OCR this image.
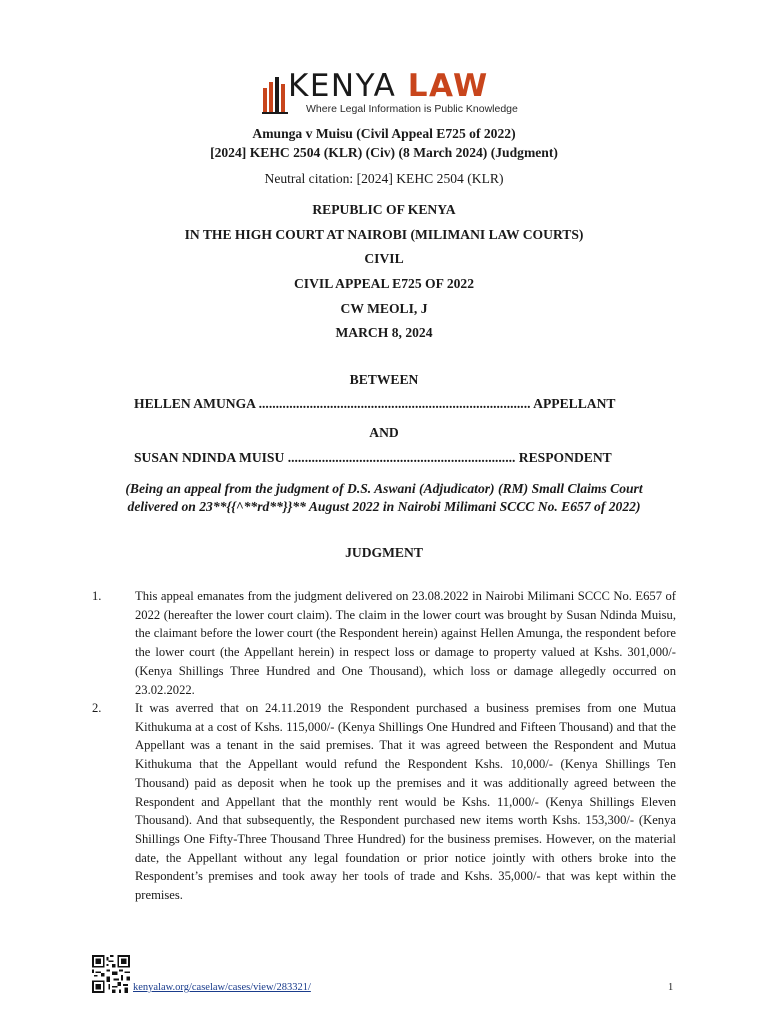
KENYA LAW
Where Legal Information is Public Knowledge
Amunga v Muisu (Civil Appeal E725 of 2022)
[2024] KEHC 2504 (KLR) (Civ) (8 March 2024) (Judgment)
Neutral citation: [2024] KEHC 2504 (KLR)
REPUBLIC OF KENYA
IN THE HIGH COURT AT NAIROBI (MILIMANI LAW COURTS)
CIVIL
CIVIL APPEAL E725 OF 2022
CW MEOLI, J
MARCH 8, 2024
BETWEEN
HELLEN AMUNGA ................................................................................ APPELLANT
AND
SUSAN NDINDA MUISU ................................................................... RESPONDENT
(Being an appeal from the judgment of D.S. Aswani (Adjudicator) (RM) Small Claims Court
delivered on 23**{{^**rd**}}** August 2022 in Nairobi Milimani SCCC No. E657 of 2022)
JUDGMENT
1.	This appeal emanates from the judgment delivered on 23.08.2022 in Nairobi Milimani SCCC No. E657 of 2022 (hereafter the lower court claim). The claim in the lower court was brought by Susan Ndinda Muisu, the claimant before the lower court (the Respondent herein) against Hellen Amunga, the respondent before the lower court (the Appellant herein) in respect loss or damage to property valued at Kshs. 301,000/- (Kenya Shillings Three Hundred and One Thousand), which loss or damage allegedly occurred on 23.02.2022.
2.	It was averred that on 24.11.2019 the Respondent purchased a business premises from one Mutua Kithukuma at a cost of Kshs. 115,000/- (Kenya Shillings One Hundred and Fifteen Thousand) and that the Appellant was a tenant in the said premises. That it was agreed between the Respondent and Mutua Kithukuma that the Appellant would refund the Respondent Kshs. 10,000/- (Kenya Shillings Ten Thousand) paid as deposit when he took up the premises and it was additionally agreed between the Respondent and Appellant that the monthly rent would be Kshs. 11,000/- (Kenya Shillings Eleven Thousand). And that subsequently, the Respondent purchased new items worth Kshs. 153,300/- (Kenya Shillings One Fifty-Three Thousand Three Hundred) for the business premises. However, on the material date, the Appellant without any legal foundation or prior notice jointly with others broke into the Respondent’s premises and took away her tools of trade and Kshs. 35,000/- that was kept within the premises.
kenyalaw.org/caselaw/cases/view/283321/	1
